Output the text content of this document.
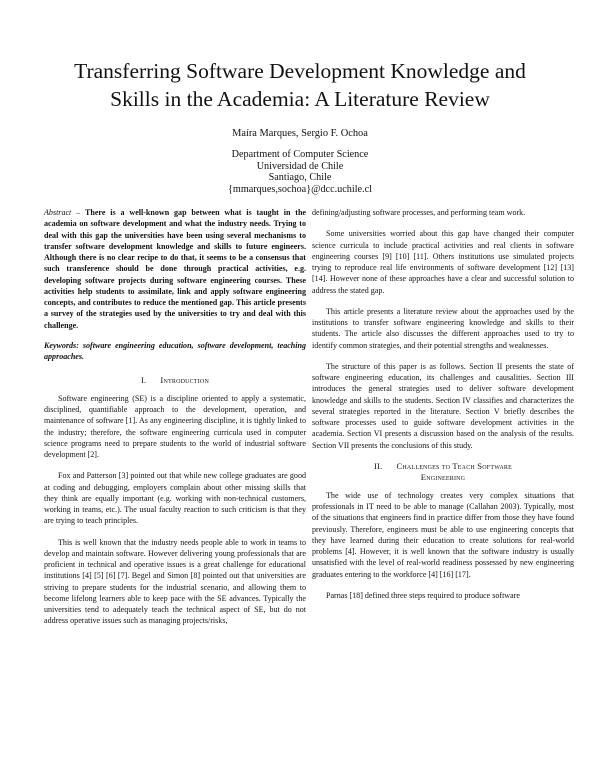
Transferring Software Development Knowledge and
Skills in the Academia: A Literature Review
Maíra Marques, Sergio F. Ochoa
Department of Computer Science
Universidad de Chile
Santiago, Chile
{mmarques,sochoa}@dcc.uchile.cl

Abstract – There is a well-known gap between what is taught in the academia on software development and what the industry needs. Trying to deal with this gap the universities have been using several mechanisms to transfer software development knowledge and skills to future engineers. Although there is no clear recipe to do that, it seems to be a consensus that such transference should be done through practical activities, e.g. developing software projects during software engineering courses. These activities help students to assimilate, link and apply software engineering concepts, and contributes to reduce the mentioned gap. This article presents a survey of the strategies used by the universities to try and deal with this challenge.

Keywords: software engineering education, software development, teaching approaches.

I. Introduction

Software engineering (SE) is a discipline oriented to apply a systematic, disciplined, quantifiable approach to the development, operation, and maintenance of software [1]. As any engineering discipline, it is tightly linked to the industry; therefore, the software engineering curricula used in computer science programs need to prepare students to the world of industrial software development [2].

Fox and Patterson [3] pointed out that while new college graduates are good at coding and debugging, employers complain about other missing skills that they think are equally important (e.g. working with non-technical customers, working in teams, etc.). The usual faculty reaction to such criticism is that they are trying to teach principles.

This is well known that the industry needs people able to work in teams to develop and maintain software. However delivering young professionals that are proficient in technical and operative issues is a great challenge for educational institutions [4] [5] [6] [7]. Begel and Simon [8] pointed out that universities are striving to prepare students for the industrial scenario, and allowing them to become lifelong learners able to keep pace with the SE advances. Typically the universities tend to adequately teach the technical aspect of SE, but do not address operative issues such as managing projects/risks,

defining/adjusting software processes, and performing team work.

Some universities worried about this gap have changed their computer science curricula to include practical activities and real clients in software engineering courses [9] [10] [11]. Others institutions use simulated projects trying to reproduce real life environments of software development [12] [13] [14]. However none of these approaches have a clear and successful solution to address the stated gap.

This article presents a literature review about the approaches used by the institutions to transfer software engineering knowledge and skills to their students. The article also discusses the different approaches used to try to identify common strategies, and their potential strengths and weaknesses.

The structure of this paper is as follows. Section II presents the state of software engineering education, its challenges and causalities. Section III introduces the general strategies used to deliver software development knowledge and skills to the students. Section IV classifies and characterizes the several strategies reported in the literature. Section V briefly describes the software processes used to guide software development activities in the academia. Section VI presents a discussion based on the analysis of the results. Section VII presents the conclusions of this study.

II. Challenges to Teach Software
Engineering

The wide use of technology creates very complex situations that professionals in IT need to be able to manage (Callahan 2003). Typically, most of the situations that engineers find in practice differ from those they have found previously. Therefore, engineers must be able to use engineering concepts that they have learned during their education to create solutions for real-world problems [4]. However, it is well known that the software industry is usually unsatisfied with the level of real-world readiness possessed by new engineering graduates entering to the workforce [4] [16] [17].

Parnas [18] defined three steps required to produce software
